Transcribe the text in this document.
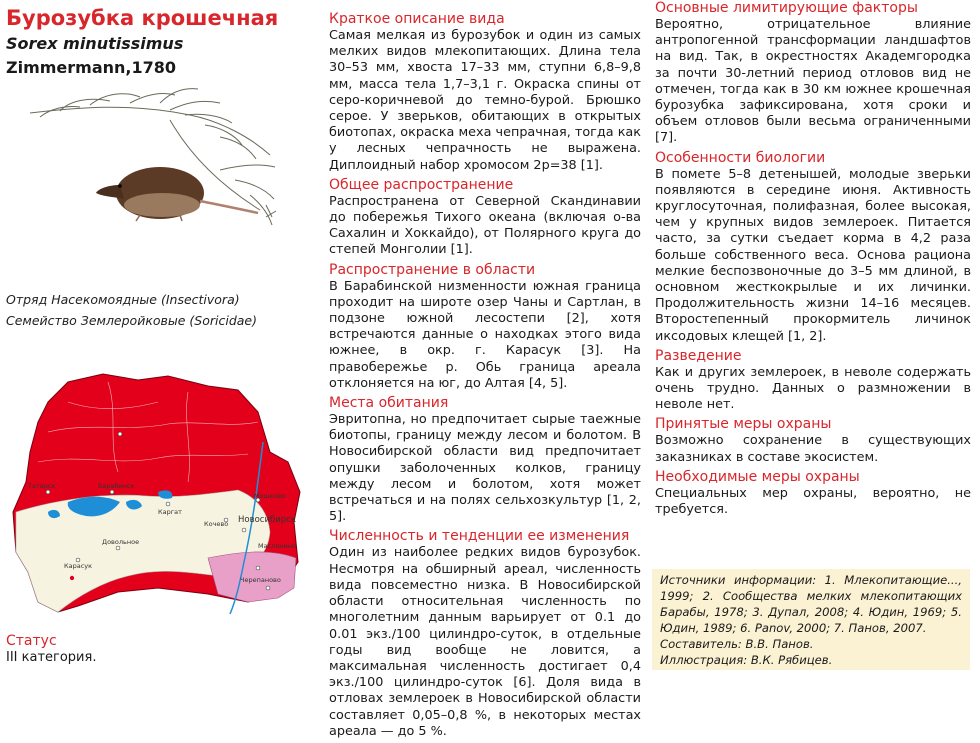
Бурозубка крошечная
Sorex minutissimus
Zimmermann,1780
Отряд Насекомоядные (Insectivora)
Семейство Землеройковые (Soricidae)
Татарск	Барабинск
Каргат
Довольное
Карасук
Кочево Новосибирск
Маслянино
Черепаново
Мошково
Статус
III категория.
Краткое описание вида

Самая мелкая из бурозубок и один из самых мелких видов млекопитающих. Длина тела 30–53 мм, хвоста 17–33 мм, ступни 6,8–9,8 мм, масса тела 1,7–3,1 г. Окраска спины от серо-коричневой до темно-бурой. Брюшко серое. У зверьков, обитающих в открытых биотопах, окраска меха чепрачная, тогда как у лесных чепрачность не выражена. Диплоидный набор хромосом 2р=38 [1].

Общее распространение

Распространена от Северной Скандинавии до побережья Тихого океана (включая о-ва Сахалин и Хоккайдо), от Полярного круга до степей Монголии [1].

Распространение в области

В Барабинской низменности южная граница проходит на широте озер Чаны и Сартлан, в подзоне южной лесостепи [2], хотя встречаются данные о находках этого вида южнее, в окр. г. Карасук [3]. На правобережье р. Обь граница ареала отклоняется на юг, до Алтая [4, 5].

Места обитания

Эвритопна, но предпочитает сырые таежные биотопы, границу между лесом и болотом. В Новосибирской области вид предпочитает опушки заболоченных колков, границу между лесом и болотом, хотя может встречаться и на полях сельхозкультур [1, 2, 5].

Численность и тенденции ее изменения

Один из наиболее редких видов бурозубок. Несмотря на обширный ареал, численность вида повсеместно низка. В Новосибирской области относительная численность по многолетним данным варьирует от 0.1 до 0.01 экз./100 цилиндро-суток, в отдельные годы вид вообще не ловится, а максимальная численность достигает 0,4 экз./100 цилиндро-суток [6]. Доля вида в отловах землероек в Новосибирской области составляет 0,05–0,8 %, в некоторых местах ареала — до 5 %.

Основные лимитирующие факторы

Вероятно, отрицательное влияние антропогенной трансформации ландшафтов на вид. Так, в окрестностях Академгородка за почти 30-летний период отловов вид не отмечен, тогда как в 30 км южнее крошечная бурозубка зафиксирована, хотя сроки и объем отловов были весьма ограниченными [7].

Особенности биологии

В помете 5–8 детенышей, молодые зверьки появляются в середине июня. Активность круглосуточная, полифазная, более высокая, чем у крупных видов землероек. Питается часто, за сутки съедает корма в 4,2 раза больше собственного веса. Основа рациона мелкие беспозвоночные до 3–5 мм длиной, в основном жесткокрылые и их личинки. Продолжительность жизни 14–16 месяцев. Второстепенный прокормитель личинок иксодовых клещей [1, 2].

Разведение

Как и других землероек, в неволе содержать очень трудно. Данных о размножении в неволе нет.

Принятые меры охраны

Возможно сохранение в существующих заказниках в составе экосистем.

Необходимые меры охраны

Специальных мер охраны, вероятно, не требуется.

Источники информации: 1. Млекопитающие..., 1999; 2. Сообщества мелких млекопитающих Барабы, 1978; 3. Дупал, 2008; 4. Юдин, 1969; 5. Юдин, 1989; 6. Panov, 2000; 7. Панов, 2007.

Составитель: В.В. Панов.

Иллюстрация: В.К. Рябицев.
